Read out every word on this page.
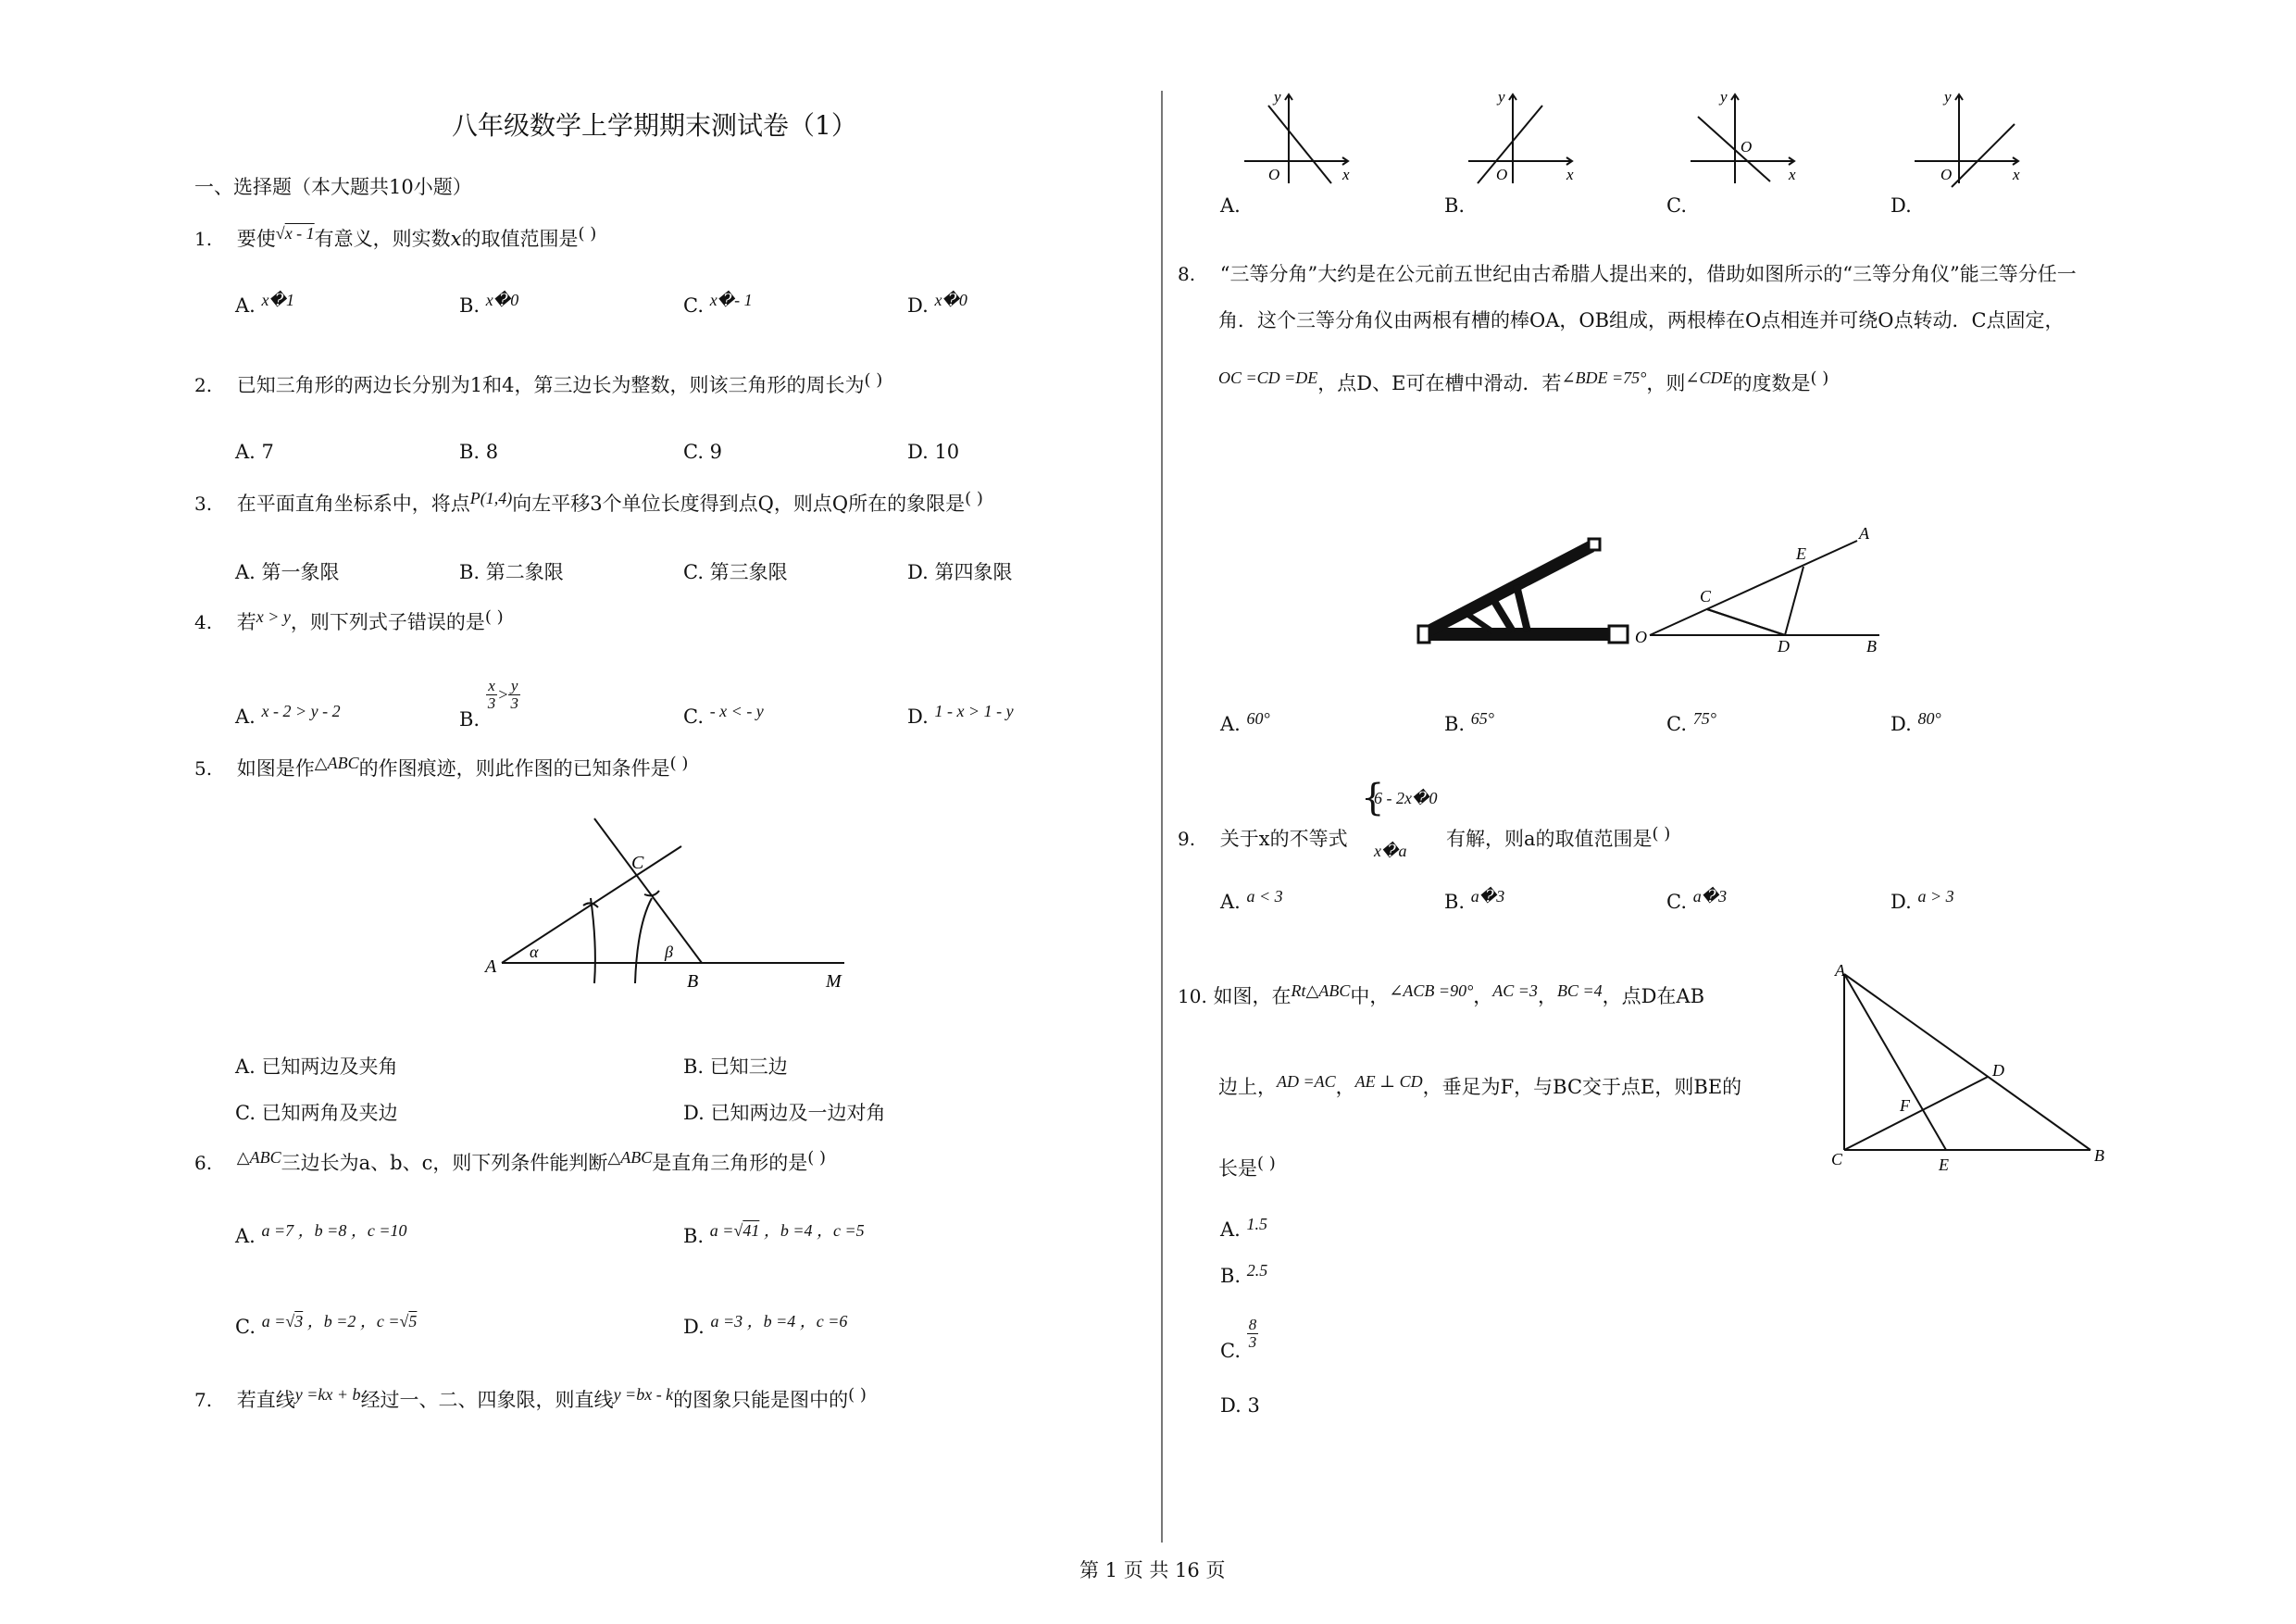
八年级数学上学期期末测试卷（1）
一、选择题（本大题共10小题）
1. 要使√x - 1有意义，则实数x的取值范围是( )
A. x�1	B. x�0	C. x�- 1	D. x�0
2. 已知三角形的两边长分别为1和4，第三边长为整数，则该三角形的周长为( )
A. 7	B. 8	C. 9	D. 10
3. 在平面直角坐标系中，将点P(1,4)向左平移3个单位长度得到点Q，则点Q所在的象限是( )
A. 第一象限	B. 第二象限	C. 第三象限	D. 第四象限
4. 若x > y，则下列式子错误的是( )
A. x - 2 > y - 2	B.
$\frac{x}{3} > \frac{y}{3}$
C. - x < - y	D. 1 - x > 1 - y
5. 如图是作△ABC的作图痕迹，则此作图的已知条件是( )
A
B
C
M
α	β
A. 已知两边及夹角	B. 已知三边
C. 已知两角及夹边	D. 已知两边及一边对角
6. △ABC三边长为a、b、c，则下列条件能判断△ABC是直角三角形的是( )
A. a =7 ，b =8 ，c =10	B. a =√41 ，b =4 ，c =5
C. a =√3 ，b =2 ，c =√5	D. a =3 ，b =4 ，c =6
7. 若直线y =kx + b经过一、二、四象限，则直线y =bx - k的图象只能是图中的( )
y
O	x
y
O	x
y
O
x
y
O	x
A.	B.	C.	D.
8. “三等分角”大约是在公元前五世纪由古希腊人提出来的，借助如图所示的“三等分角仪”能三等分任一
角．这个三等分角仪由两根有槽的棒OA，OB组成，两根棒在O点相连并可绕O点转动．C点固定，
OC =CD =DE，点D、E可在槽中滑动．若∠BDE =75°，则∠CDE的度数是( )
O
A
B
C
D
E
A. 60°	B. 65°	C. 75°	D. 80°
9. 关于x的不等式
{
6 - 2x�0
x�a
有解，则a的取值范围是( )
A. a < 3	B. a�3	C. a�3	D. a > 3
10. 如图，在Rt△ABC中，∠ACB =90°，AC =3，BC =4，点D在AB
边上，AD =AC，AE ⊥ CD，垂足为F，与BC交于点E，则BE的
长是( )
A
B
C
D
E
F
A. 1.5
B. 2.5
C. $\frac{8}{3}$
D. 3
第 1 页 共 16 页
